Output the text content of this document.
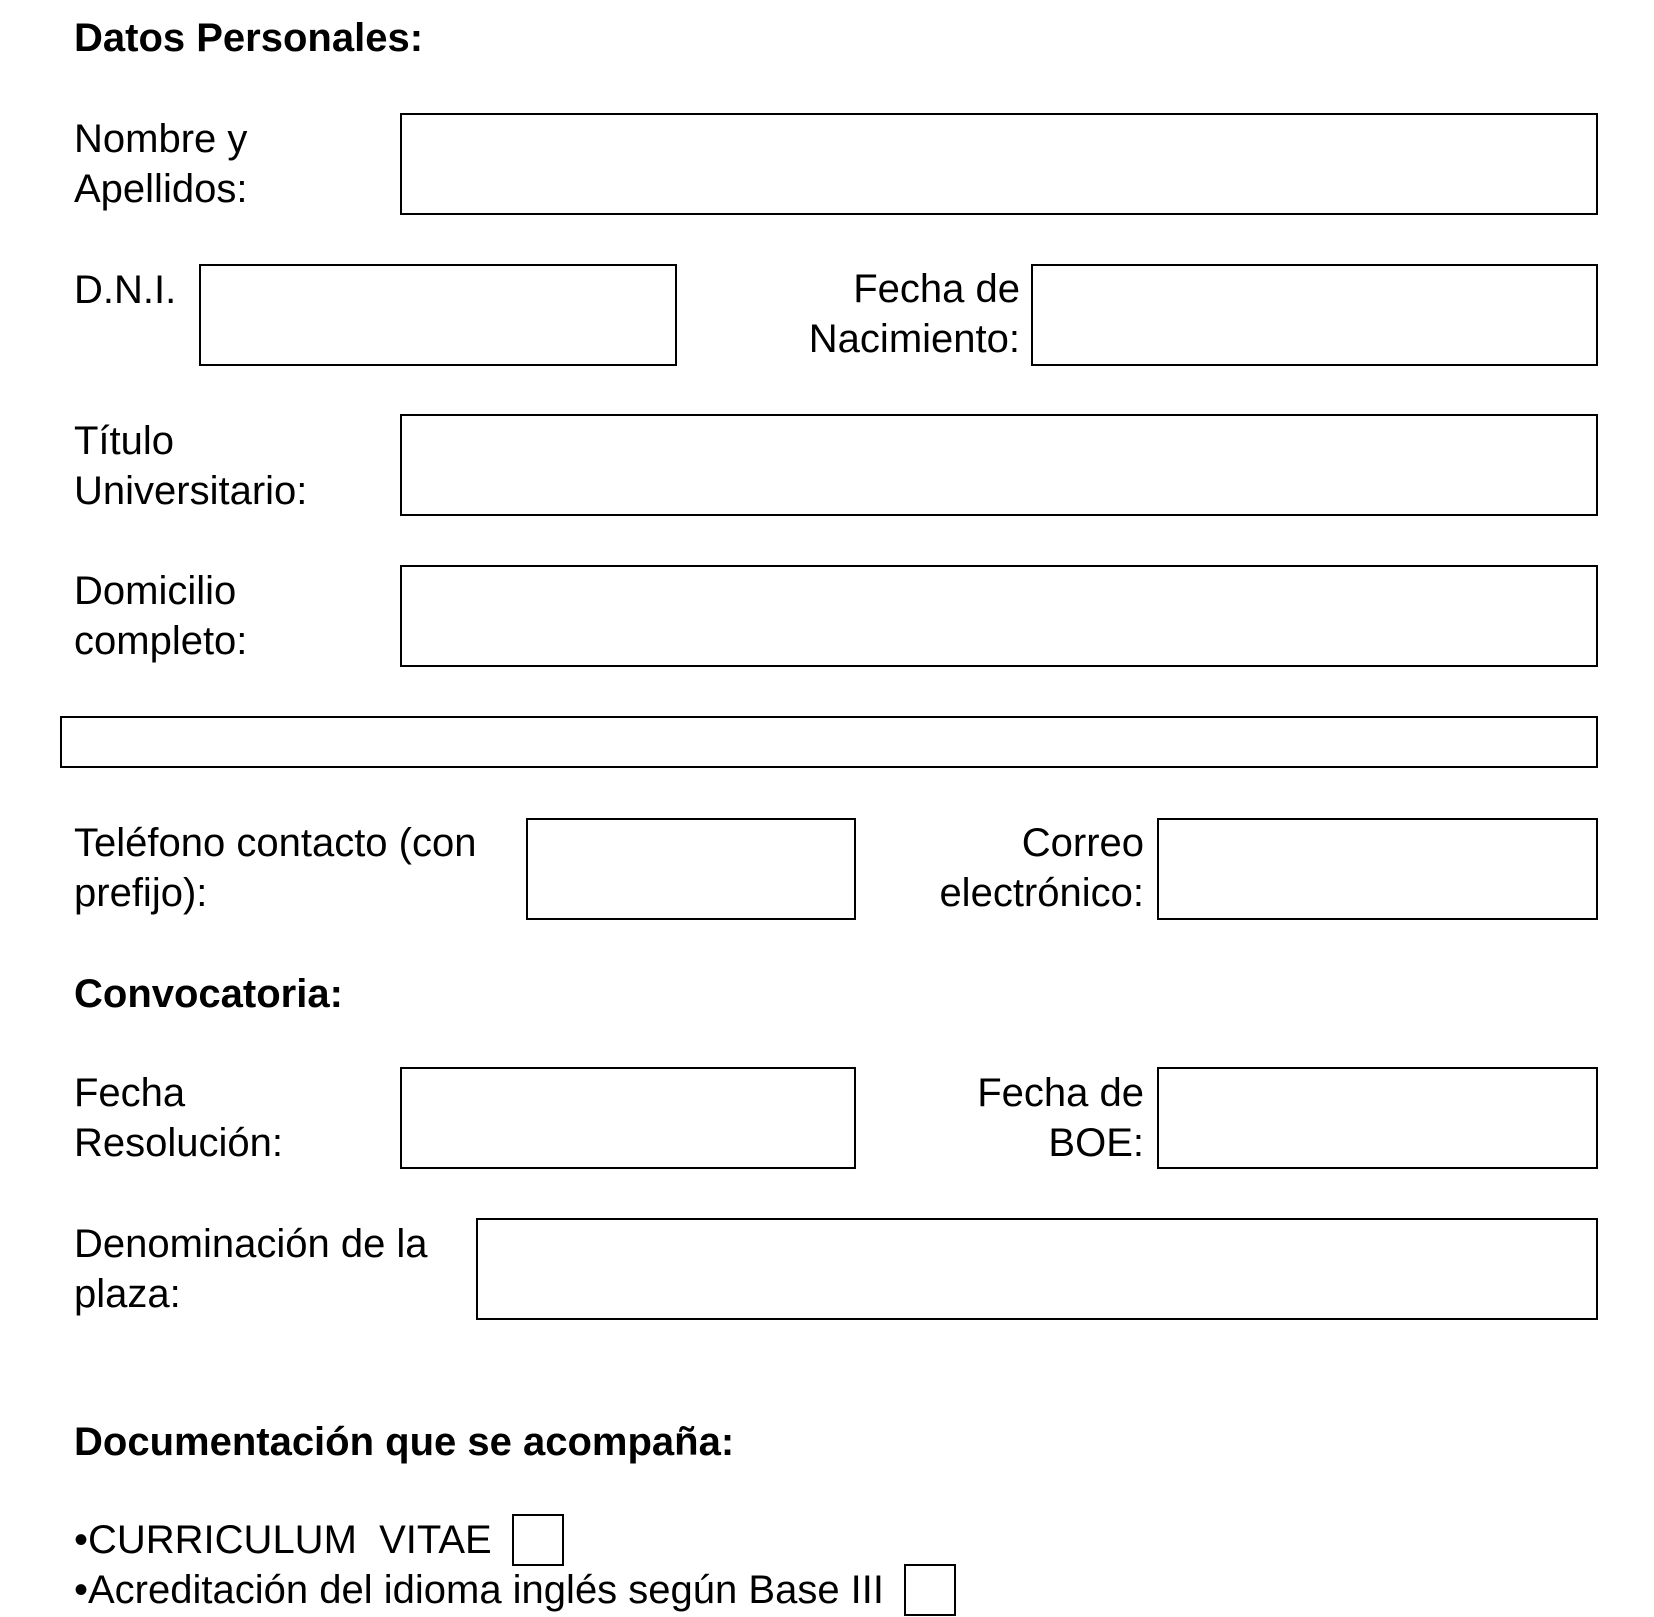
Datos Personales:
Nombre y
Apellidos:
D.N.I.	Fecha de
Nacimiento:
Título
Universitario:
Domicilio
completo:
Teléfono contacto (con
prefijo):
Correo
electrónico:
Convocatoria:
Fecha
Resolución:
Fecha de
BOE:
Denominación de la
plaza:
Documentación que se acompaña:
•CURRICULUM  VITAE
•Acreditación del idioma inglés según Base III
